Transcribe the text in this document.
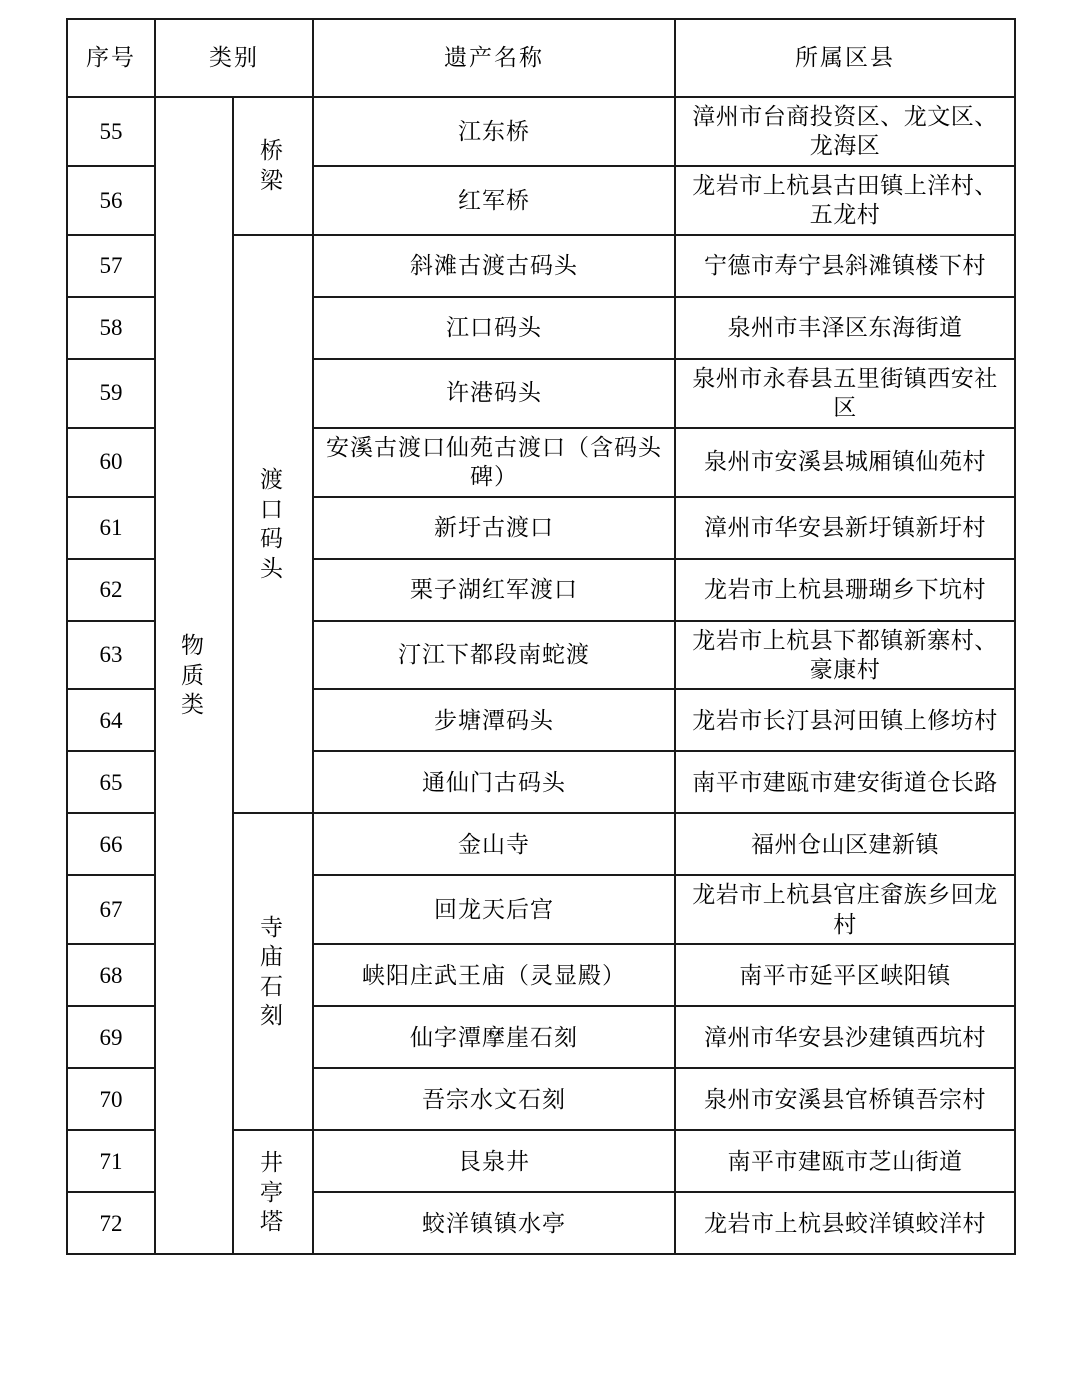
序号	类别		遗产名称	所属区县
55	物质类	桥梁	江东桥	漳州市台商投资区、龙文区、龙海区
56			红军桥	龙岩市上杭县古田镇上洋村、五龙村
57		渡口码头	斜滩古渡古码头	宁德市寿宁县斜滩镇楼下村
58			江口码头	泉州市丰泽区东海街道
59			许港码头	泉州市永春县五里街镇西安社区
60			安溪古渡口仙苑古渡口（含码头碑）	泉州市安溪县城厢镇仙苑村
61			新圩古渡口	漳州市华安县新圩镇新圩村
62			栗子湖红军渡口	龙岩市上杭县珊瑚乡下坑村
63			汀江下都段南蛇渡	龙岩市上杭县下都镇新寨村、豪康村
64			步塘潭码头	龙岩市长汀县河田镇上修坊村
65			通仙门古码头	南平市建瓯市建安街道仓长路
66		寺庙石刻	金山寺	福州仓山区建新镇
67			回龙天后宫	龙岩市上杭县官庄畲族乡回龙村
68			峡阳庄武王庙（灵显殿）	南平市延平区峡阳镇
69			仙字潭摩崖石刻	漳州市华安县沙建镇西坑村
70			吾宗水文石刻	泉州市安溪县官桥镇吾宗村
71		井亭塔	艮泉井	南平市建瓯市芝山街道
72			蛟洋镇镇水亭	龙岩市上杭县蛟洋镇蛟洋村
